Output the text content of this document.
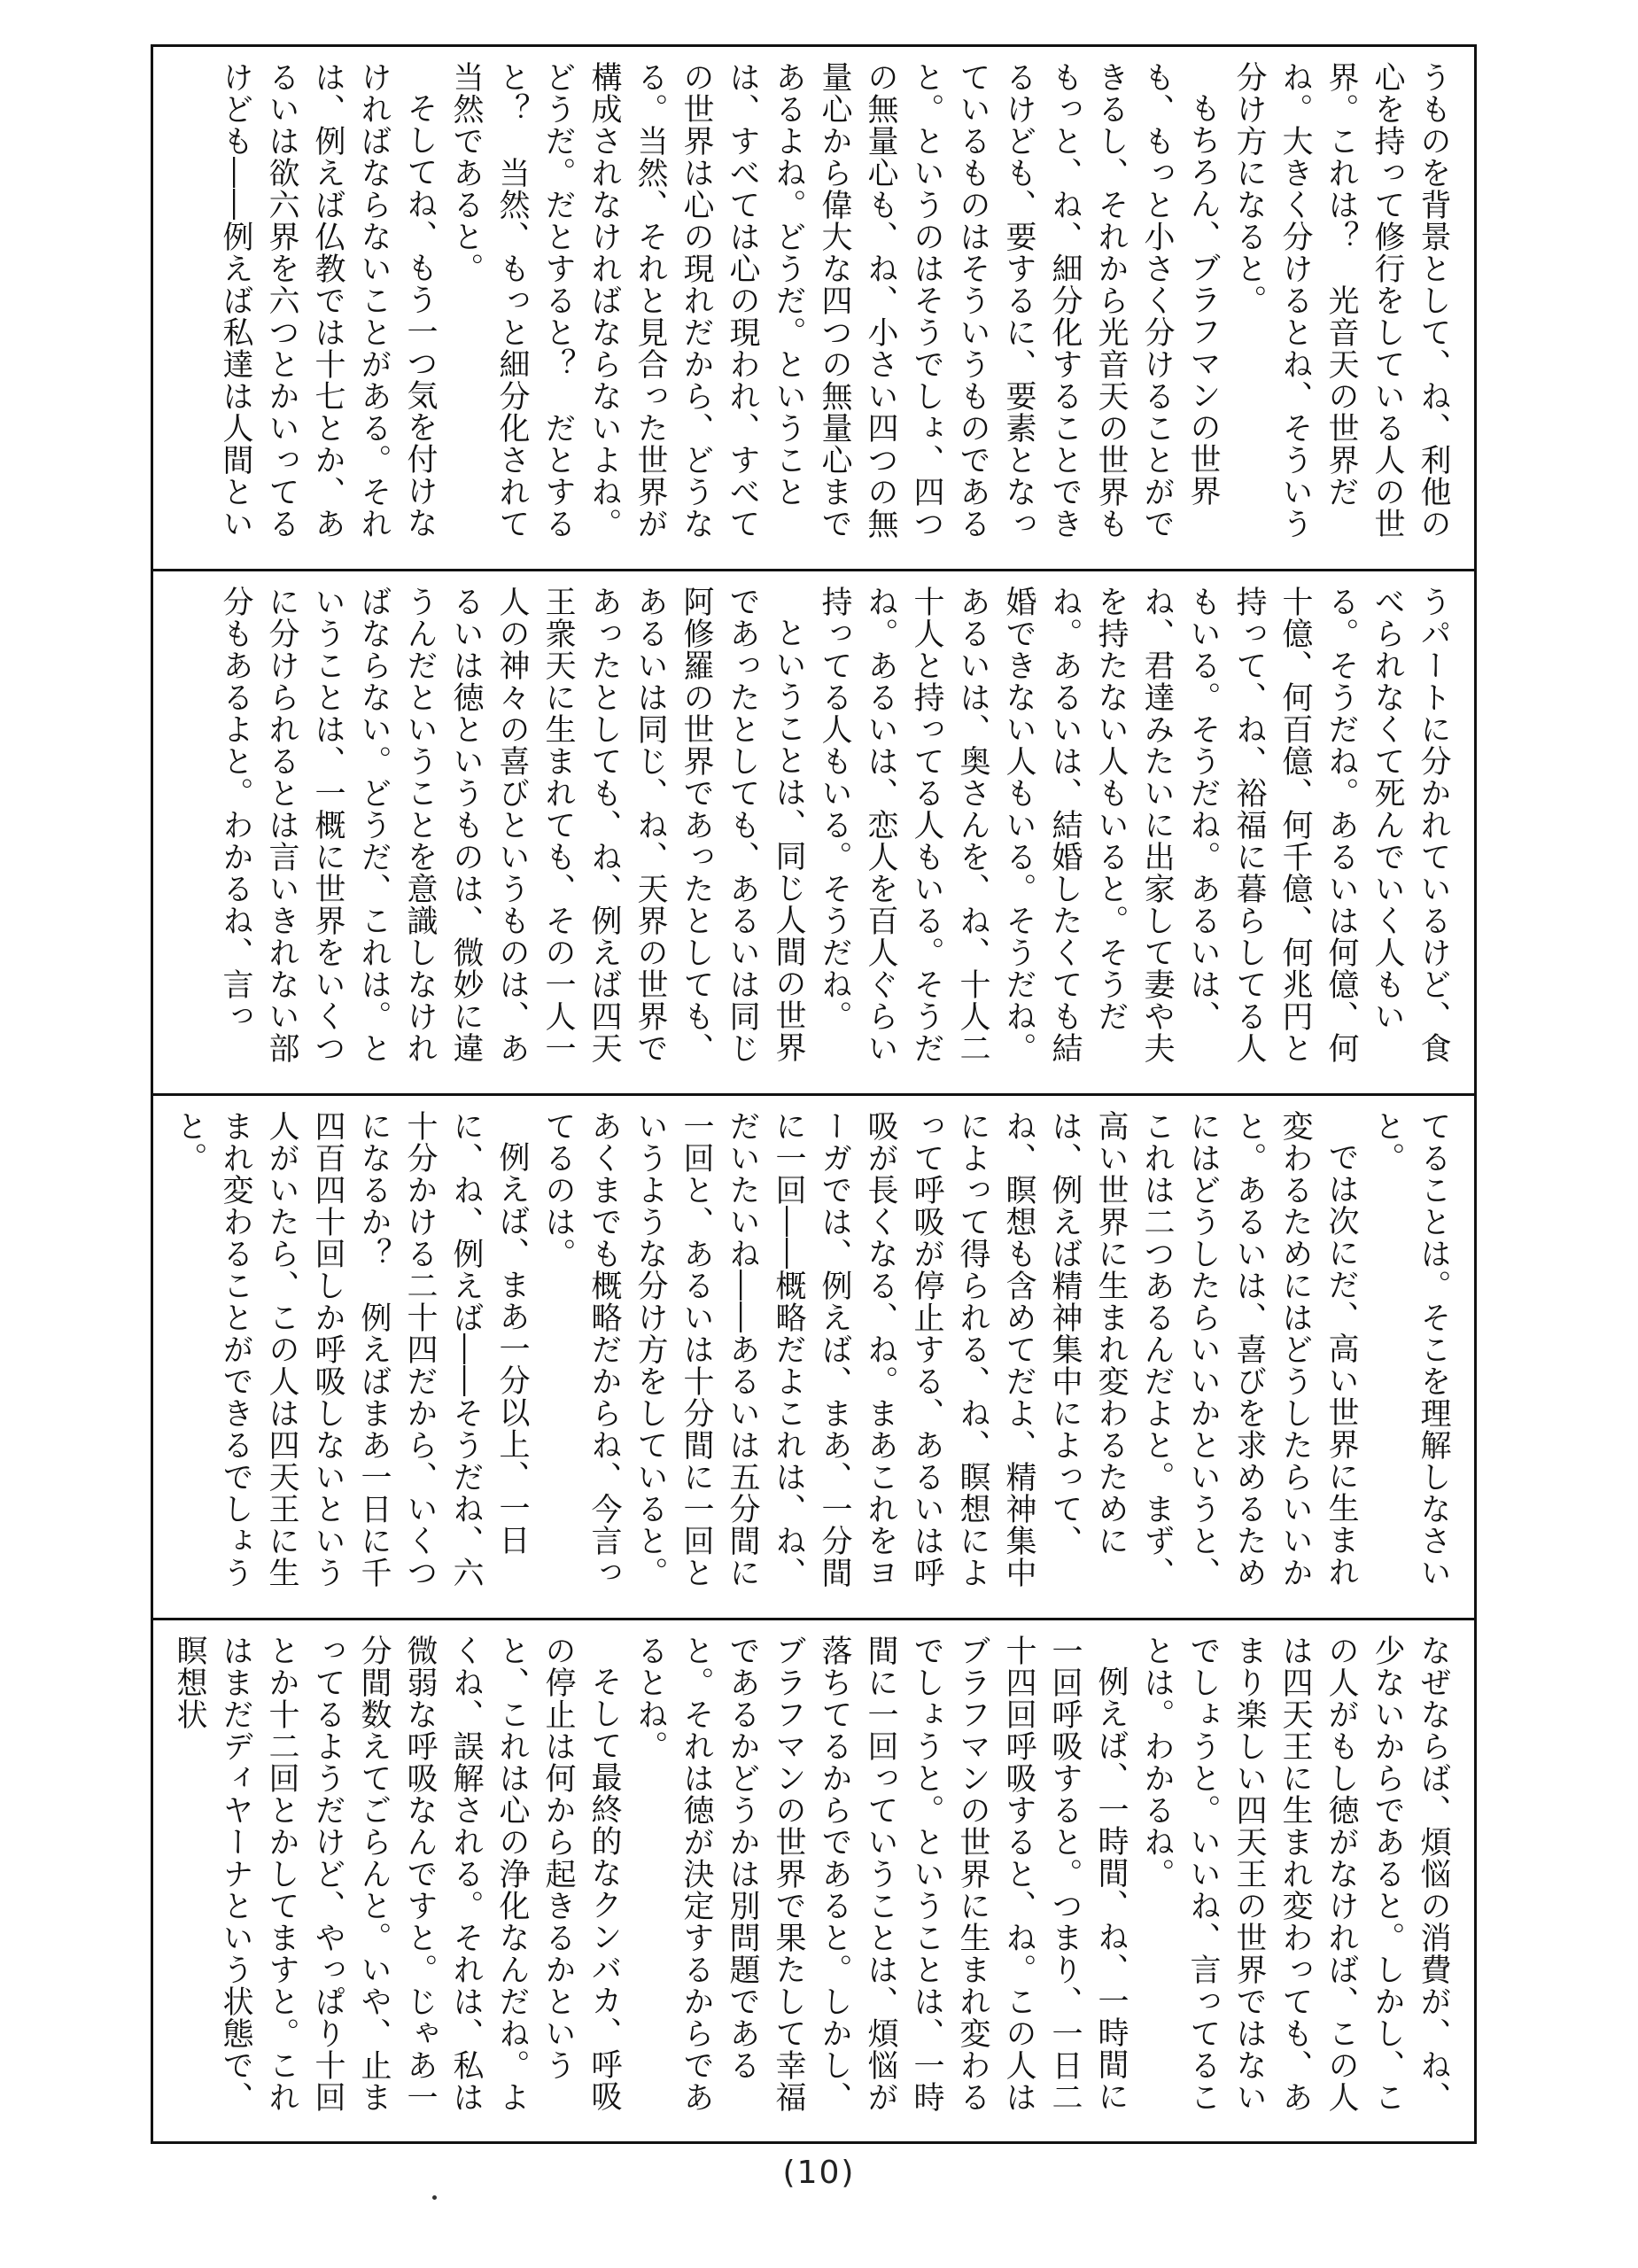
うものを背景として、ね、利他の心を持って修行をしている人の世界。これは？　光音天の世界だね。大きく分けるとね、そういう分け方になると。

もちろん、ブラフマンの世界も、もっと小さく分けることができるし、それから光音天の世界ももっと、ね、細分化することできるけども、要するに、要素となっているものはそういうものであると。というのはそうでしょ、四つの無量心も、ね、小さい四つの無量心から偉大な四つの無量心まであるよね。どうだ。ということは、すべては心の現われ、すべての世界は心の現れだから、どうなる。当然、それと見合った世界が構成されなければならないよね。どうだ。だとすると？　だとすると？　当然、もっと細分化されて当然であると。

そしてね、もう一つ気を付けなければならないことがある。それは、例えば仏教では十七とか、あるいは欲六界を六つとかいってるけども――例えば私達は人間とい

うパートに分かれているけど、食べられなくて死んでいく人もいる。そうだね。あるいは何億、何十億、何百億、何千億、何兆円と持って、ね、裕福に暮らしてる人もいる。そうだね。あるいは、ね、君達みたいに出家して妻や夫を持たない人もいると。そうだね。あるいは、結婚したくても結婚できない人もいる。そうだね。あるいは、奥さんを、ね、十人二十人と持ってる人もいる。そうだね。あるいは、恋人を百人ぐらい持ってる人もいる。そうだね。

ということは、同じ人間の世界であったとしても、あるいは同じ阿修羅の世界であったとしても、あるいは同じ、ね、天界の世界であったとしても、ね、例えば四天王衆天に生まれても、その一人一人の神々の喜びというものは、あるいは徳というものは、微妙に違うんだということを意識しなければならない。どうだ、これは。ということは、一概に世界をいくつに分けられるとは言いきれない部分もあるよと。わかるね、言っ

てることは。そこを理解しなさいと。

では次にだ、高い世界に生まれ変わるためにはどうしたらいいかと。あるいは、喜びを求めるためにはどうしたらいいかというと、これは二つあるんだよと。まず、高い世界に生まれ変わるためには、例えば精神集中によって、ね、瞑想も含めてだよ、精神集中によって得られる、ね、瞑想によって呼吸が停止する、あるいは呼吸が長くなる、ね。まあこれをヨーガでは、例えば、まあ、一分間に一回――概略だよこれは、ね、だいたいね――あるいは五分間に一回と、あるいは十分間に一回というような分け方をしていると。あくまでも概略だからね、今言ってるのは。

例えば、まあ一分以上、一日に、ね、例えば――そうだね、六十分かける二十四だから、いくつになるか？　例えばまあ一日に千四百四十回しか呼吸しないという人がいたら、この人は四天王に生まれ変わることができるでしょうと。

なぜならば、煩悩の消費が、ね、少ないからであると。しかし、この人がもし徳がなければ、この人は四天王に生まれ変わっても、あまり楽しい四天王の世界ではないでしょうと。いいね、言ってることは。わかるね。

例えば、一時間、ね、一時間に一回呼吸すると。つまり、一日二十四回呼吸すると、ね。この人はブラフマンの世界に生まれ変わるでしょうと。ということは、一時間に一回っていうことは、煩悩が落ちてるからであると。しかし、ブラフマンの世界で果たして幸福であるかどうかは別問題であると。それは徳が決定するからであるとね。

そして最終的なクンバカ、呼吸の停止は何から起きるかというと、これは心の浄化なんだね。よくね、誤解される。それは、私は微弱な呼吸なんですと。じゃあ一分間数えてごらんと。いや、止まってるようだけど、やっぱり十回とか十二回とかしてますと。これはまだディヤーナという状態で、瞑想状

(10)
